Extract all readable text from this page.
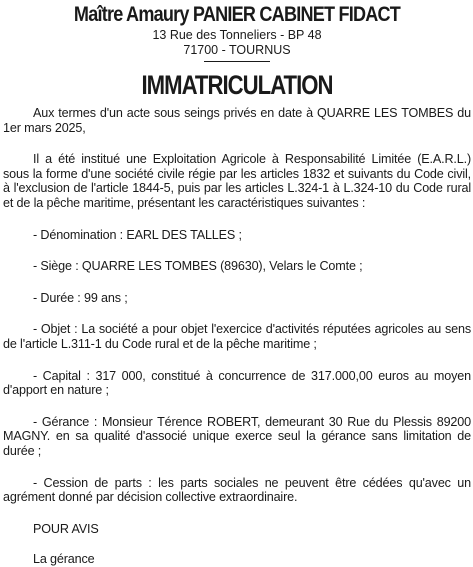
Maître Amaury PANIER CABINET FIDACT
13 Rue des Tonneliers - BP 48
71700 - TOURNUS
IMMATRICULATION

Aux termes d'un acte sous seings privés en date à QUARRE LES TOMBES du 1er mars 2025,

Il a été institué une Exploitation Agricole à Responsabilité Limitée (E.A.R.L.) sous la forme d'une société civile régie par les articles 1832 et suivants du Code civil, à l'exclusion de l'article 1844-5, puis par les articles L.324-1 à L.324-10 du Code rural et de la pêche maritime, présentant les caractéristiques suivantes :

- Dénomination : EARL DES TALLES ;

- Siège : QUARRE LES TOMBES (89630), Velars le Comte ;

- Durée : 99 ans ;

- Objet : La société a pour objet l'exercice d'activités réputées agricoles au sens de l'article L.311-1 du Code rural et de la pêche maritime ;

- Capital : 317 000, constitué à concurrence de 317.000,00 euros au moyen d'apport en nature ;

- Gérance : Monsieur Térence ROBERT, demeurant 30 Rue du Plessis 89200 MAGNY. en sa qualité d'associé unique exerce seul la gérance sans limitation de durée ;

- Cession de parts : les parts sociales ne peuvent être cédées qu'avec un agrément donné par décision collective extraordinaire.

POUR AVIS

La gérance
